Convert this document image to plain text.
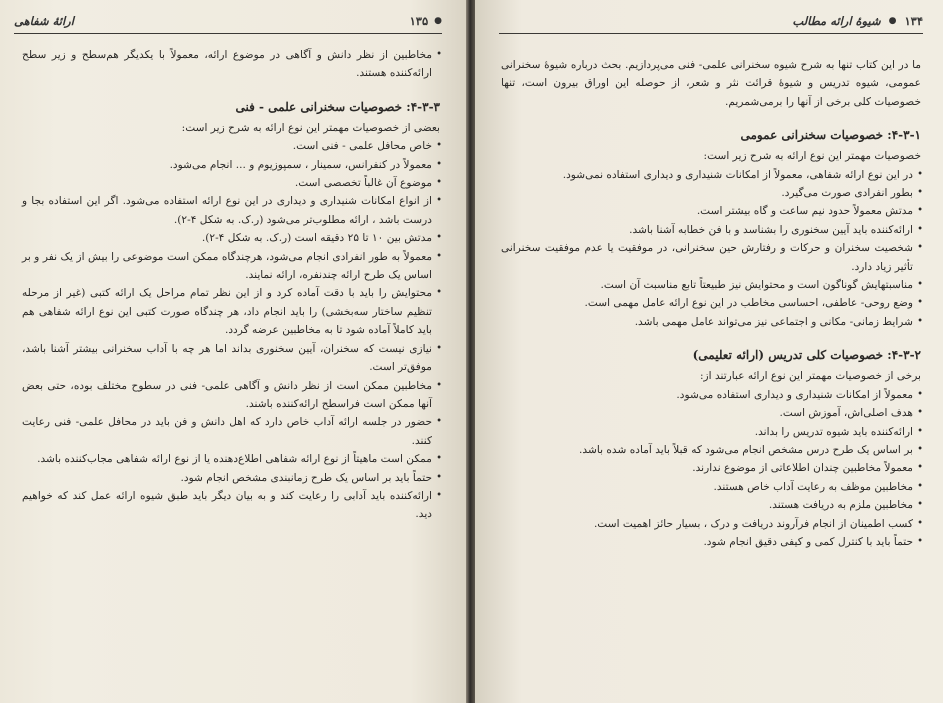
ارائهٔ شفاهی	●
۱۳۵

• مخاطبین از نظر دانش و آگاهی در موضوع ارائه، معمولاً با یکدیگر هم‌سطح و زیر سطح ارائه‌کننده هستند.

۴-۳-۳: خصوصیات سخنرانی علمی - فنی

بعضی از خصوصیات مهمتر این نوع ارائه به شرح زیر است:

• خاص محافل علمی - فنی است.

• معمولاً در کنفرانس، سمینار ، سمپوزیوم و ... انجام می‌شود.

• موضوع آن غالباً تخصصی است.

• از انواع امکانات شنیداری و دیداری در این نوع ارائه استفاده می‌شود. اگر این استفاده بجا و درست باشد ، ارائه مطلوب‌تر می‌شود (ر.ک. به شکل ۴-۲).

• مدتش بین ۱۰ تا ۲۵ دقیقه است (ر.ک. به شکل ۴-۲).

• معمولاً به طور انفرادی انجام می‌شود، هرچندگاه ممکن است موضوعی را بیش از یک نفر و بر اساس یک طرح ارائه چندنفره، ارائه نمایند.

• محتوایش را باید با دقت آماده کرد و از این نظر تمام مراحل یک ارائه کتبی (غیر از مرحله تنظیم ساختار سه‌بخشی) را باید انجام داد، هر چندگاه صورت کتبی این نوع ارائه شفاهی هم باید کاملاً آماده شود تا به مخاطبین عرضه گردد.

• نیازی نیست که سخنران، آیین سخنوری بداند اما هر چه با آداب سخنرانی بیشتر آشنا باشد، موفق‌تر است.

• مخاطبین ممکن است از نظر دانش و آگاهی علمی- فنی در سطوح مختلف بوده، حتی بعض آنها ممکن است فراسطح ارائه‌کننده باشند.

• حضور در جلسه ارائه آداب خاص دارد که اهل دانش و فن باید در محافل علمی- فنی رعایت کنند.

• ممکن است ماهیتاً از نوع ارائه شفاهی اطلاع‌دهنده یا از نوع ارائه شفاهی مجاب‌کننده باشد.

• حتماً باید بر اساس یک طرح زمانبندی مشخص انجام شود.

• ارائه‌کننده باید آدابی را رعایت کند و به بیان دیگر باید طبق شیوه ارائه عمل کند که خواهیم دید.

۱۳۴
●
شیوهٔ ارائه مطالب

ما در این کتاب تنها به شرح شیوه سخنرانی علمی- فنی می‌پردازیم. بحث درباره شیوهٔ سخنرانی عمومی، شیوه تدریس و شیوهٔ قرائت نثر و شعر، از حوصله این اوراق بیرون است، تنها خصوصیات کلی برخی از آنها را برمی‌شمریم.

۴-۳-۱: خصوصیات سخنرانی عمومی

خصوصیات مهمتر این نوع ارائه به شرح زیر است:

• در این نوع ارائه شفاهی، معمولاً از امکانات شنیداری و دیداری استفاده نمی‌شود.

• بطور انفرادی صورت می‌گیرد.

• مدتش معمولاً حدود نیم ساعت و گاه بیشتر است.

• ارائه‌کننده باید آیین سخنوری را بشناسد و با فن خطابه آشنا باشد.

• شخصیت سخنران و حرکات و رفتارش حین سخنرانی، در موفقیت یا عدم موفقیت سخنرانی تأثیر زیاد دارد.

• مناسبتهایش گوناگون است و محتوایش نیز طبیعتاً تابع مناسبت آن است.

• وضع روحی- عاطفی، احساسی مخاطب در این نوع ارائه عامل مهمی است.

• شرایط زمانی- مکانی و اجتماعی نیز می‌تواند عامل مهمی باشد.

۴-۳-۲: خصوصیات کلی تدریس (ارائه تعلیمی)

برخی از خصوصیات مهمتر این نوع ارائه عبارتند از:

• معمولاً از امکانات شنیداری و دیداری استفاده می‌شود.

• هدف اصلی‌اش، آموزش است.

• ارائه‌کننده باید شیوه تدریس را بداند.

• بر اساس یک طرح درس مشخص انجام می‌شود که قبلاً باید آماده شده باشد.

• معمولاً مخاطبین چندان اطلاعاتی از موضوع ندارند.

• مخاطبین موظف به رعایت آداب خاص هستند.

• مخاطبین ملزم به دریافت هستند.

• کسب اطمینان از انجام فرآروند دریافت و درک ، بسیار حائز اهمیت است.

• حتماً باید با کنترل کمی و کیفی دقیق انجام شود.
